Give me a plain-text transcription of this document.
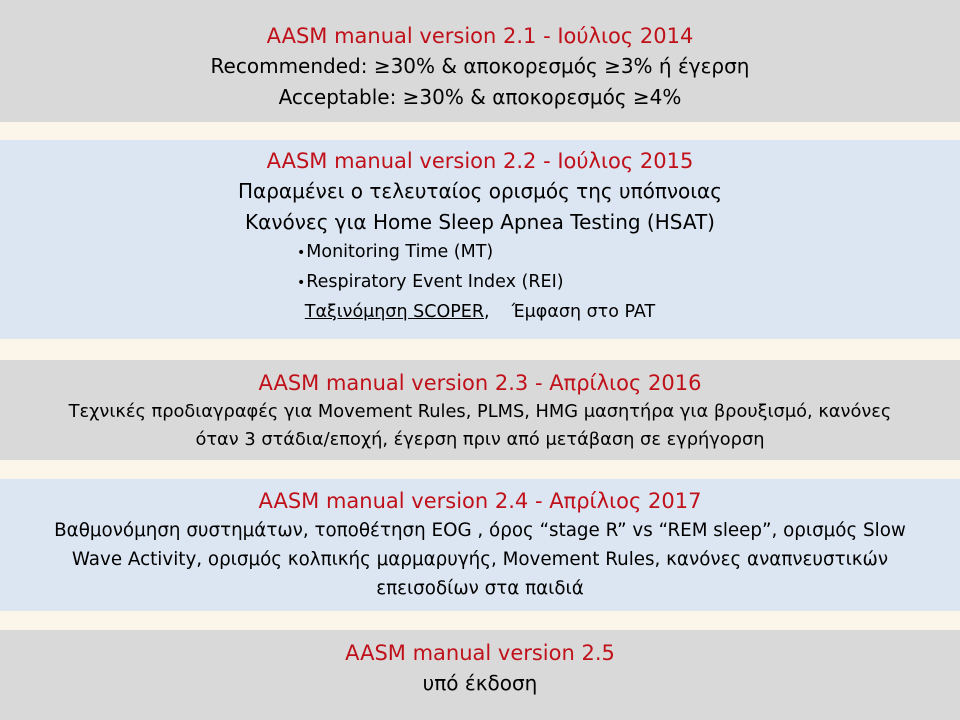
AASM manual version 2.1 - Ιούλιος 2014
Recommended: ≥30% & αποκορεσμός ≥3% ή έγερση
Acceptable: ≥30% & αποκορεσμός ≥4%
AASM manual version 2.2 - Ιούλιος 2015
Παραμένει ο τελευταίος ορισμός της υπόπνοιας
Κανόνες για Home Sleep Apnea Testing (HSAT)
•Monitoring Time (MT)
•Respiratory Event Index (REI)
Ταξινόμηση SCOPER, Έμφαση στο PAT
AASM manual version 2.3 - Απρίλιος 2016
Τεχνικές προδιαγραφές για Movement Rules, PLMS, HMG μασητήρα για βρουξισμό, κανόνες
όταν 3 στάδια/εποχή, έγερση πριν από μετάβαση σε εγρήγορση
AASM manual version 2.4 - Απρίλιος 2017
Βαθμονόμηση συστημάτων, τοποθέτηση EOG , όρος “stage R” vs “REM sleep”, ορισμός Slow
Wave Activity, ορισμός κολπικής μαρμαρυγής, Movement Rules, κανόνες αναπνευστικών
επεισοδίων στα παιδιά
AASM manual version 2.5
υπό έκδοση
